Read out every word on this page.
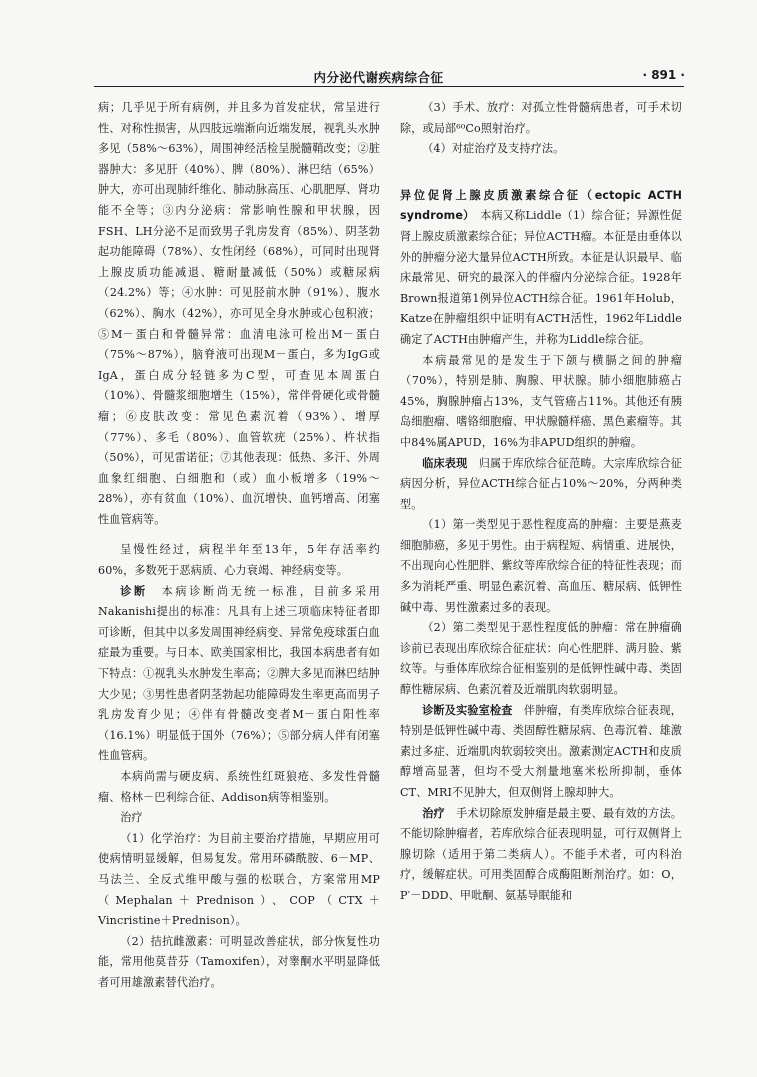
内分泌代谢疾病综合征	· 891 ·

病；几乎见于所有病例，并且多为首发症状，常呈进行性、对称性损害，从四肢远端渐向近端发展，视乳头水肿多见（58%～63%），周围神经活检呈脱髓鞘改变；②脏器肿大：多见肝（40%）、脾（80%）、淋巴结（65%）肿大，亦可出现肺纤维化、肺动脉高压、心肌肥厚、肾功能不全等；③内分泌病：常影响性腺和甲状腺，因FSH、LH分泌不足而致男子乳房发育（85%）、阴茎勃起功能障碍（78%）、女性闭经（68%），可同时出现肾上腺皮质功能减退、糖耐量减低（50%）或糖尿病（24.2%）等；④水肿：可见胫前水肿（91%）、腹水（62%）、胸水（42%），亦可见全身水肿或心包积液；⑤M－蛋白和骨髓异常：血清电泳可检出M－蛋白（75%～87%），脑脊液可出现M－蛋白，多为IgG或IgA，蛋白成分轻链多为C型，可查见本周蛋白（10%）、骨髓浆细胞增生（15%），常伴骨硬化或骨髓瘤；⑥皮肤改变：常见色素沉着（93%）、增厚（77%）、多毛（80%）、血管软疣（25%）、杵状指（50%），可见雷诺征；⑦其他表现：低热、多汗、外周血象红细胞、白细胞和（或）血小板增多（19%～28%），亦有贫血（10%）、血沉增快、血钙增高、闭塞性血管病等。

呈慢性经过，病程半年至13年，5年存活率约60%，多数死于恶病质、心力衰竭、神经病变等。

诊断　 本病诊断尚无统一标准，目前多采用Nakanishi提出的标准：凡具有上述三项临床特征者即可诊断，但其中以多发周围神经病变、异常免疫球蛋白血症最为重要。与日本、欧美国家相比，我国本病患者有如下特点：①视乳头水肿发生率高；②脾大多见而淋巴结肿大少见；③男性患者阴茎勃起功能障碍发生率更高而男子乳房发育少见；④伴有骨髓改变者M－蛋白阳性率（16.1%）明显低于国外（76%）；⑤部分病人伴有闭塞性血管病。

本病尚需与硬皮病、系统性红斑狼疮、多发性骨髓瘤、格林－巴利综合征、Addison病等相鉴别。

治疗

（1）化学治疗：为目前主要治疗措施，早期应用可使病情明显缓解，但易复发。常用环磷酰胺、6－MP、马法兰、全反式维甲酸与强的松联合，方案常用MP（Mephalan＋Prednison）、COP（CTX＋Vincristine＋Prednison）。

（2）拮抗雌激素：可明显改善症状，部分恢复性功能，常用他莫昔芬（Tamoxifen），对睾酮水平明显降低者可用雄激素替代治疗。

（3）手术、放疗：对孤立性骨髓病患者，可手术切除，或局部⁶⁰Co照射治疗。

（4）对症治疗及支持疗法。

异位促肾上腺皮质激素综合征（ectopic ACTH syndrome）　 本病又称Liddle（1）综合征；异源性促肾上腺皮质激素综合征；异位ACTH瘤。本征是由垂体以外的肿瘤分泌大量异位ACTH所致。本征是认识最早、临床最常见、研究的最深入的伴瘤内分泌综合征。1928年Brown报道第1例异位ACTH综合征。1961年Holub，Katze在肿瘤组织中证明有ACTH活性，1962年Liddle确定了ACTH由肿瘤产生，并称为Liddle综合征。

本病最常见的是发生于下颌与横膈之间的肿瘤（70%），特别是肺、胸腺、甲状腺。肺小细胞肺癌占45%，胸腺肿瘤占13%，支气管癌占11%。其他还有胰岛细胞瘤、嗜铬细胞瘤、甲状腺髓样癌、黑色素瘤等。其中84%属APUD，16%为非APUD组织的肿瘤。

临床表现　 归属于库欣综合征范畴。大宗库欣综合征病因分析，异位ACTH综合征占10%～20%，分两种类型。

（1）第一类型见于恶性程度高的肿瘤：主要是燕麦细胞肺癌，多见于男性。由于病程短、病情重、进展快，不出现向心性肥胖、紫纹等库欣综合征的特征性表现；而多为消耗严重、明显色素沉着、高血压、糖尿病、低钾性碱中毒、男性激素过多的表现。

（2）第二类型见于恶性程度低的肿瘤：常在肿瘤确诊前已表现出库欣综合征症状：向心性肥胖、满月脸、紫纹等。与垂体库欣综合征相鉴别的是低钾性碱中毒、类固醇性糖尿病、色素沉着及近端肌肉软弱明显。

诊断及实验室检查　 伴肿瘤，有类库欣综合征表现，特别是低钾性碱中毒、类固醇性糖尿病、色毒沉着、雄激素过多症、近端肌肉软弱较突出。激素测定ACTH和皮质醇增高显著，但均不受大剂量地塞米松所抑制，垂体CT、MRI不见肿大，但双侧肾上腺却肿大。

治疗　 手术切除原发肿瘤是最主要、最有效的方法。不能切除肿瘤者，若库欣综合征表现明显，可行双侧肾上腺切除（适用于第二类病人）。不能手术者，可内科治疗，缓解症状。可用类固醇合成酶阻断剂治疗。如：O，P′－DDD、甲吡酮、氨基导眠能和
